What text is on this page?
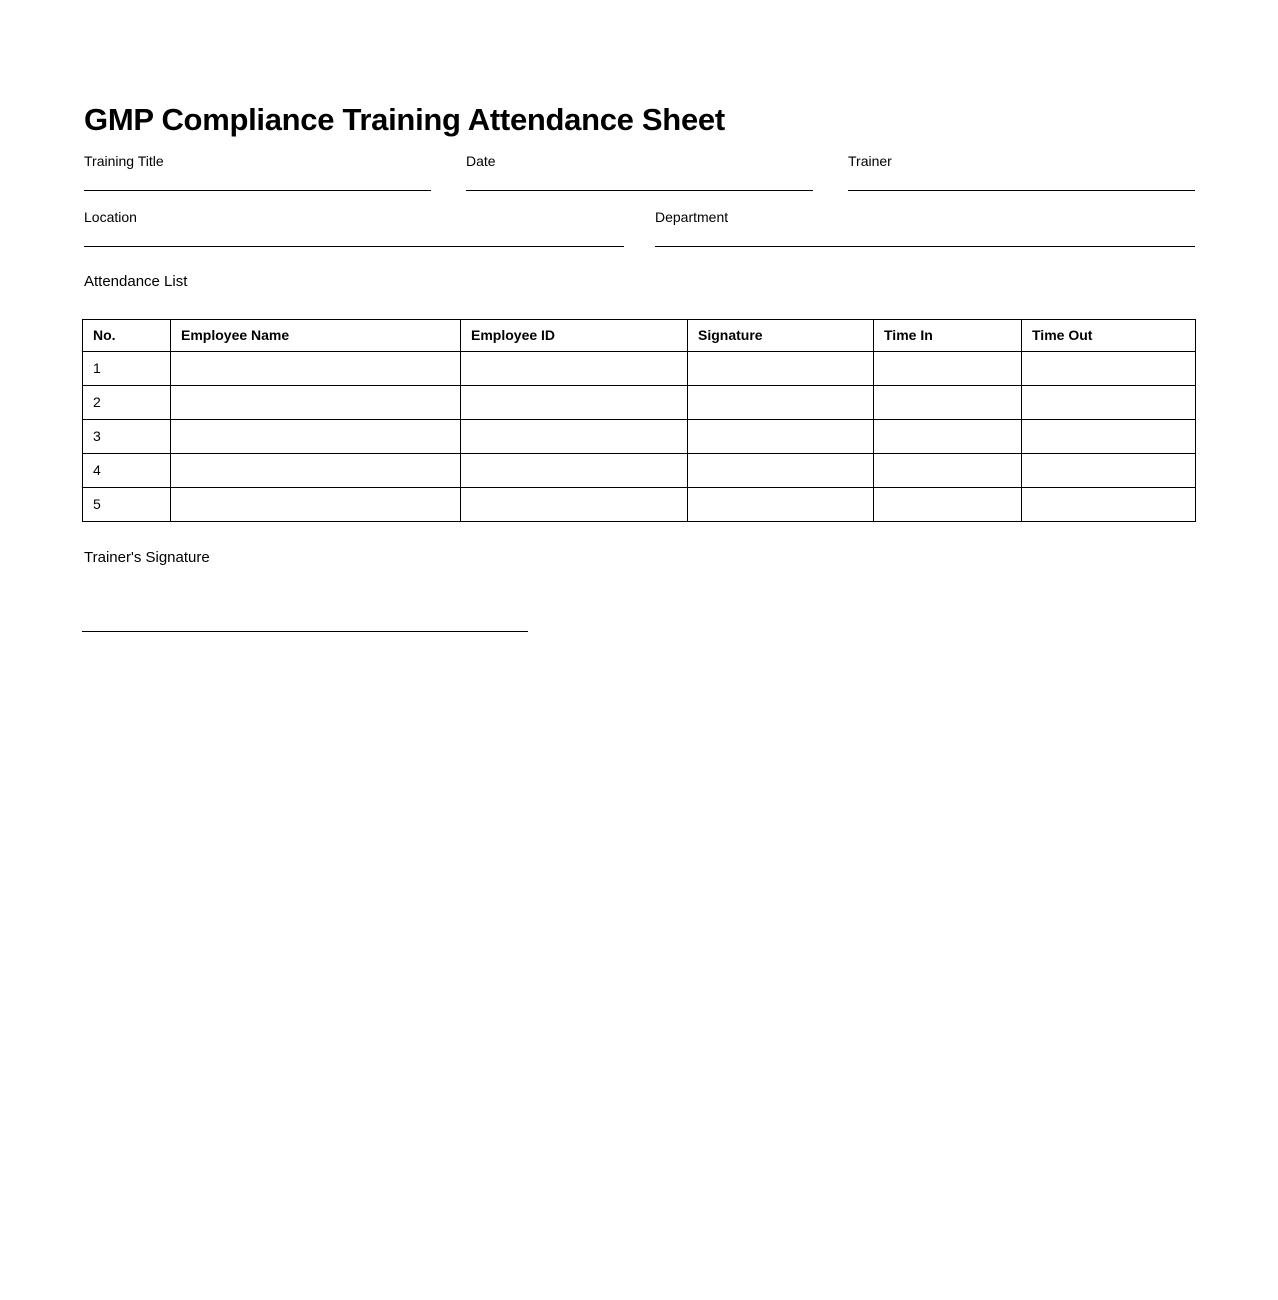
GMP Compliance Training Attendance Sheet
Training Title	Date	Trainer
Location	Department
Attendance List
No.	Employee Name	Employee ID	Signature	Time In	Time Out
1					
2					
3					
4					
5					
Trainer's Signature
